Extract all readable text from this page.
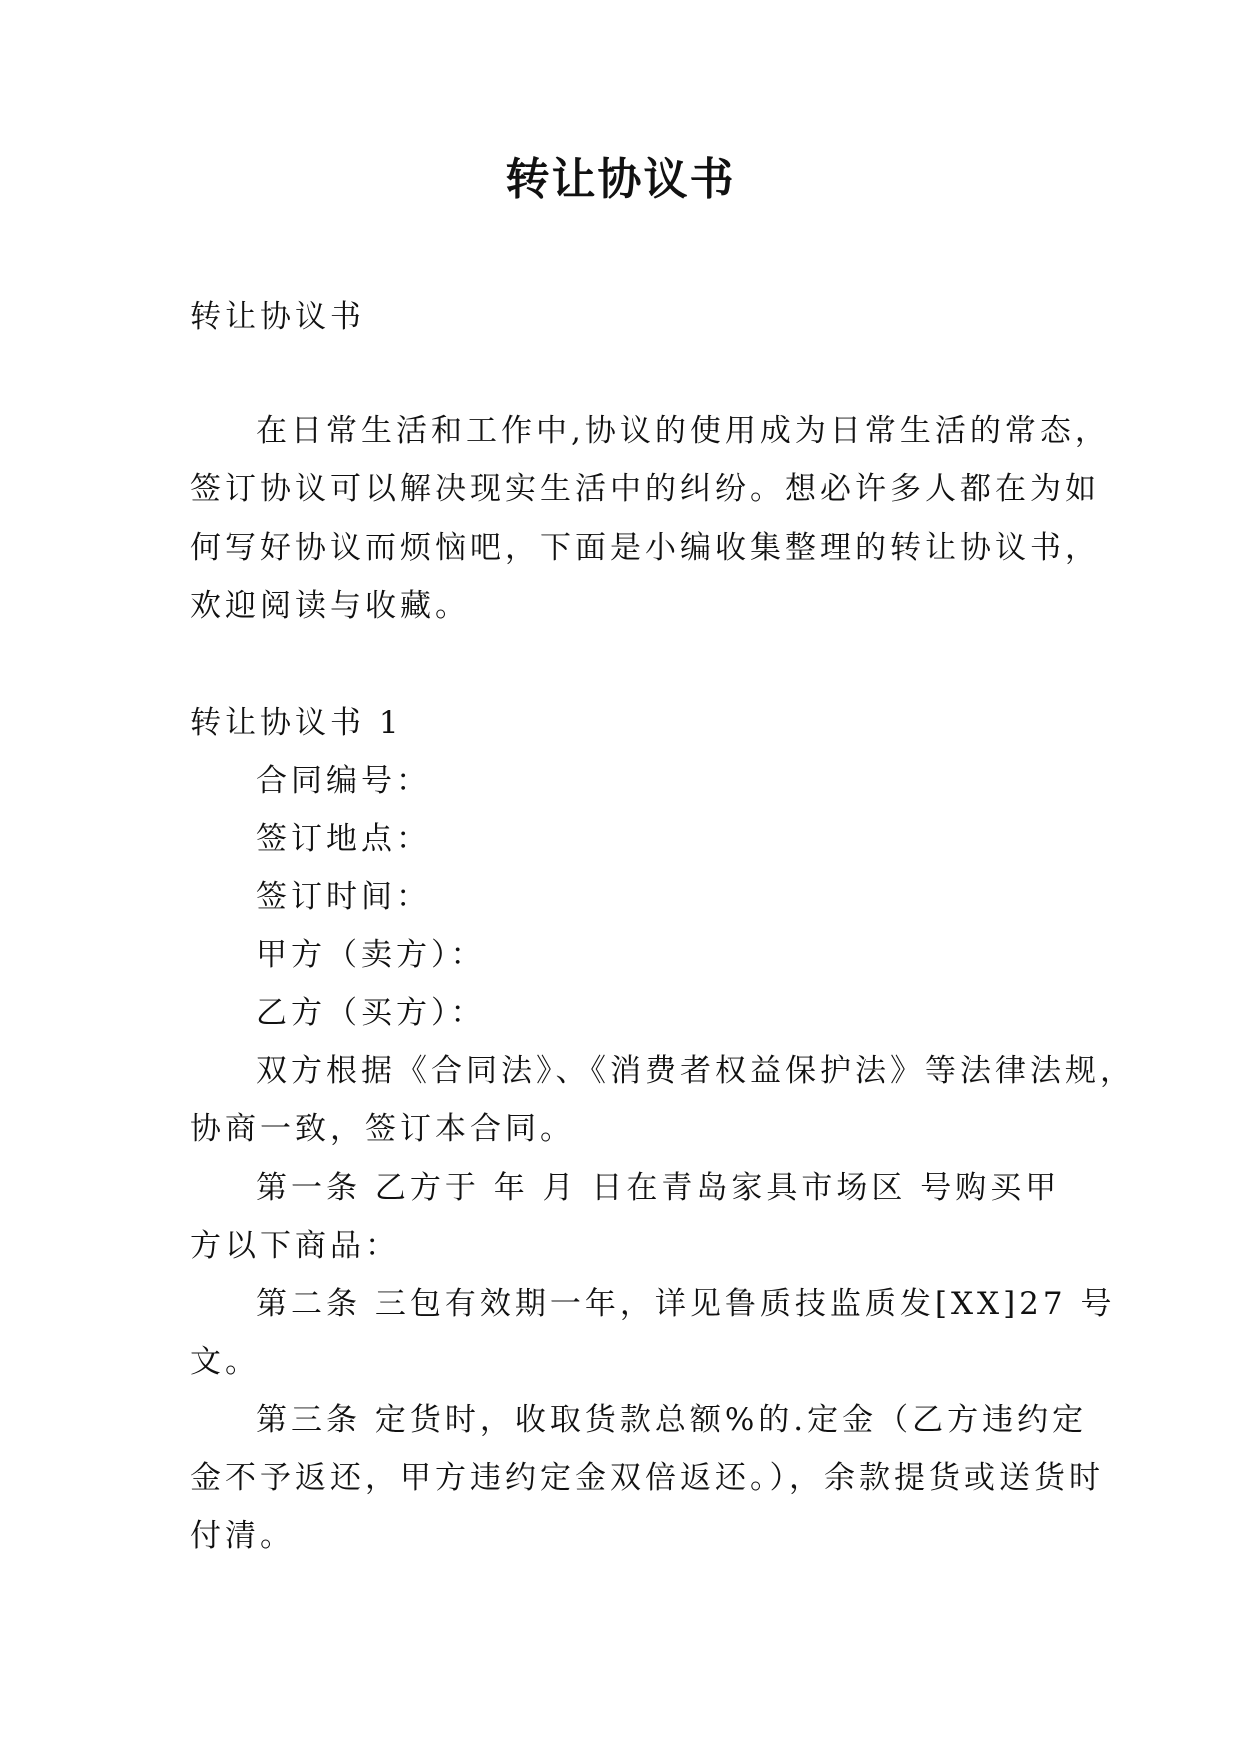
转让协议书
转让协议书
在日常生活和工作中,协议的使用成为日常生活的常态，
签订协议可以解决现实生活中的纠纷。想必许多人都在为如
何写好协议而烦恼吧，下面是小编收集整理的转让协议书，
欢迎阅读与收藏。
转让协议书 1
合同编号：
签订地点：
签订时间：
甲方（卖方）：
乙方（买方）：
双方根据《合同法》、《消费者权益保护法》等法律法规，
协商一致，签订本合同。
第一条 乙方于 年 月 日在青岛家具市场区 号购买甲
方以下商品：
第二条 三包有效期一年，详见鲁质技监质发[XX]27 号
文。
第三条 定货时，收取货款总额%的.定金（乙方违约定
金不予返还，甲方违约定金双倍返还。），余款提货或送货时
付清。
